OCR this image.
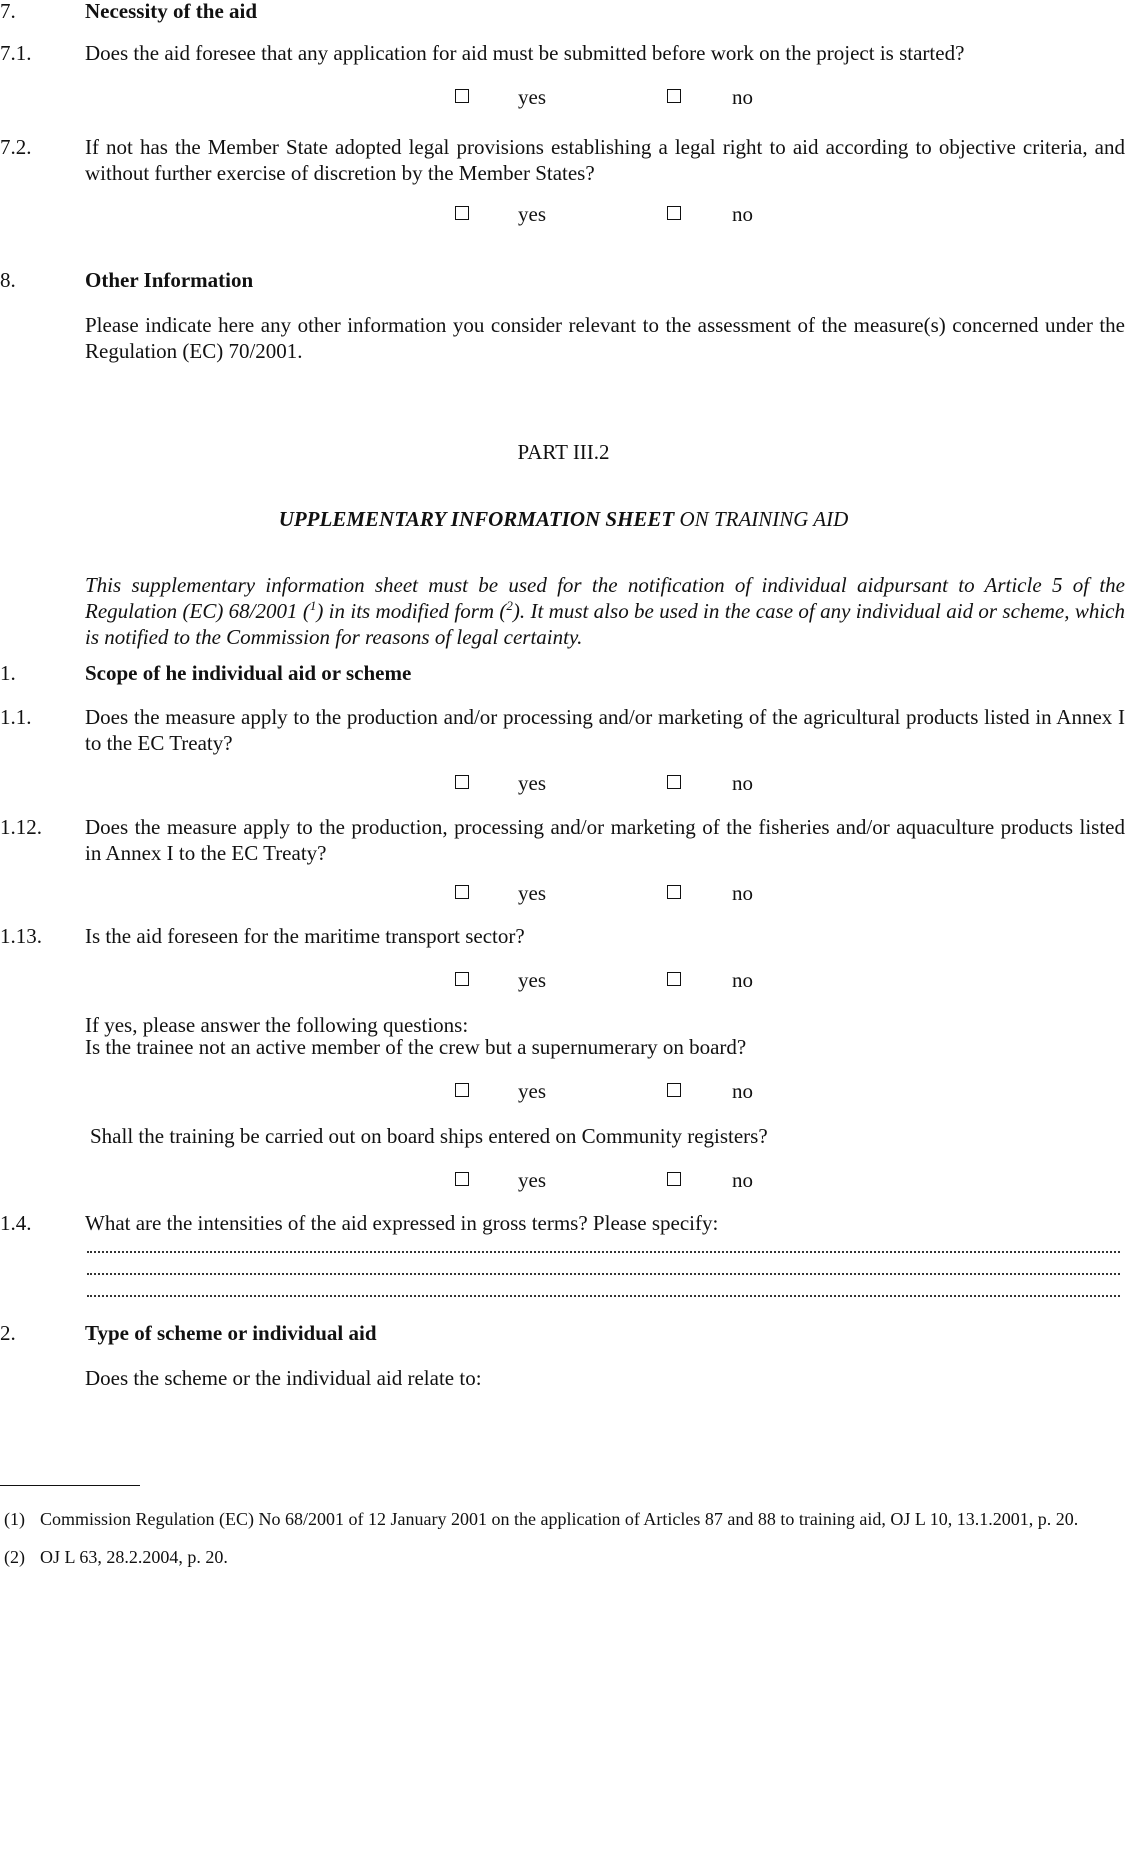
7.	Necessity of the aid
7.1.	Does the aid foresee that any application for aid must be submitted before work on the project is started?
yes	no
7.2.	If not has the Member State adopted legal provisions establishing a legal right to aid according to objective criteria, and without further exercise of discretion by the Member States?
yes	no
8.	Other Information
Please indicate here any other information you consider relevant to the assessment of the measure(s) concerned under the Regulation (EC) 70/2001.
PART III.2
UPPLEMENTARY INFORMATION SHEET ON TRAINING AID
This supplementary information sheet must be used for the notification of individual aidpursant to Article 5 of the Regulation (EC) 68/2001 ($^1$) in its modified form ($^2$). It must also be used in the case of any individual aid or scheme, which is notified to the Commission for reasons of legal certainty.
1.	Scope of he individual aid or scheme
1.1.	Does the measure apply to the production and/or processing and/or marketing of the agricultural products listed in Annex I to the EC Treaty?
yes	no
1.12. Does the measure apply to the production, processing and/or marketing of the fisheries and/or aquaculture products listed in Annex I to the EC Treaty?
yes	no
1.13. Is the aid foreseen for the maritime transport sector?
yes	no
If yes, please answer the following questions:
Is the trainee not an active member of the crew but a supernumerary on board?
yes	no
Shall the training be carried out on board ships entered on Community registers?
yes	no
1.4.	What are the intensities of the aid expressed in gross terms? Please specify:
2.	Type of scheme or individual aid
Does the scheme or the individual aid relate to:
(1) Commission Regulation (EC) No 68/2001 of 12 January 2001 on the application of Articles 87 and 88 to training aid, OJ L 10, 13.1.2001, p. 20.
(2) OJ L 63, 28.2.2004, p. 20.
